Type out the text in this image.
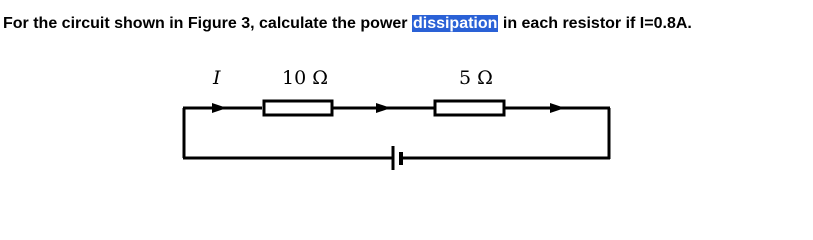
For the circuit shown in Figure 3, calculate the power dissipation in each resistor if I=0.8A.
I	10 Ω	5 Ω
